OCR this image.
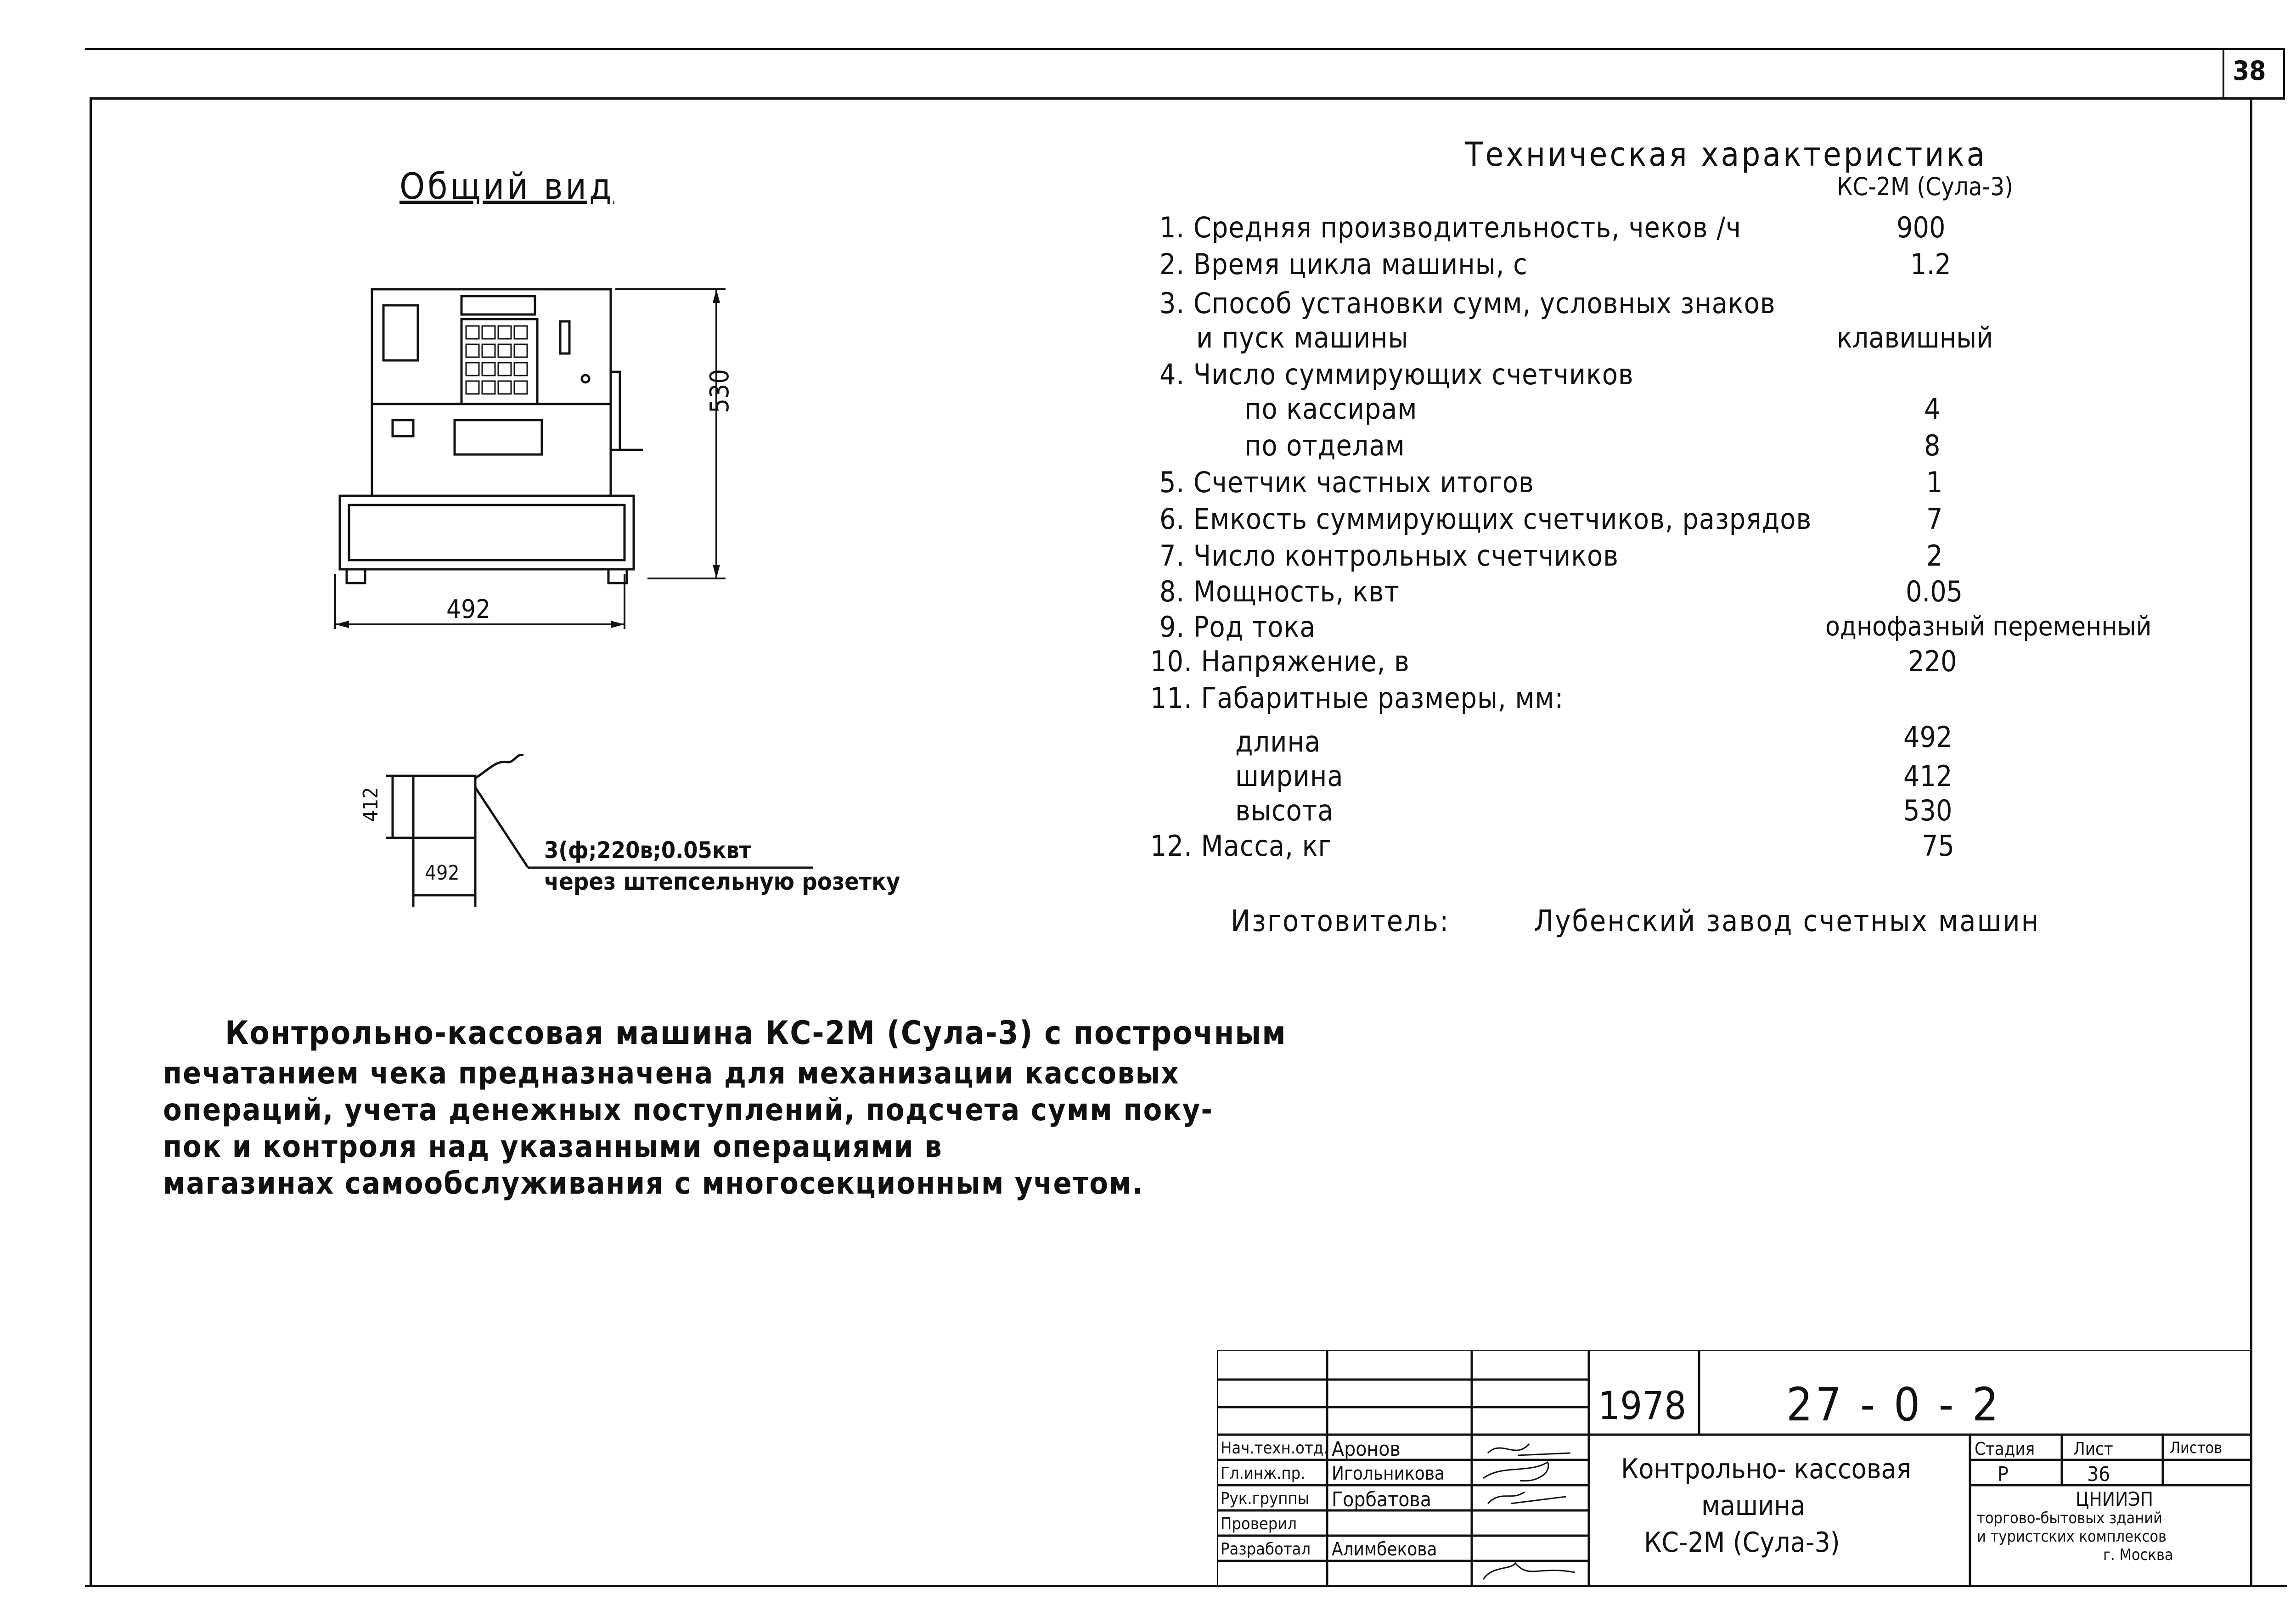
38
Общий вид
492
530
412
492
3(ф;220в;0.05квт
через штепсельную розетку
Техническая характеристика
КС-2М (Сула-3)
1. Средняя производительность, чеков /ч	900
2. Время цикла машины, с	1.2
3. Способ установки сумм, условных знаков
и пуск машины	клавишный
4. Число суммирующих счетчиков
по кассирам	4
по отделам	8
5. Счетчик частных итогов	1
6. Емкость суммирующих счетчиков, разрядов	7
7. Число контрольных счетчиков	2
8. Мощность, квт	0.05
9. Род тока	однофазный переменный
10. Напряжение, в	220
11. Габаритные размеры, мм:
длина	492
ширина	412
высота	530
12. Масса, кг	75
Изготовитель:	Лубенский завод счетных машин
Контрольно-кассовая машина КС-2М (Сула-3) с построчным
печатанием чека предназначена для механизации кассовых
операций, учета денежных поступлений, подсчета сумм поку-
пок и контроля над указанными операциями в
магазинах самообслуживания с многосекционным учетом.
1978 27 - 0 - 2
Нач.техн.отд. Аронов
Гл.инж.пр. Игольникова
Рук.группы Горбатова
Проверил
Разработал Алимбекова
Контрольно- кассовая
машина
КС-2М (Сула-3)
Стадия Лист	Листов
Р	36
ЦНИИЭП
торгово-бытовых зданий
и туристских комплексов
г. Москва
